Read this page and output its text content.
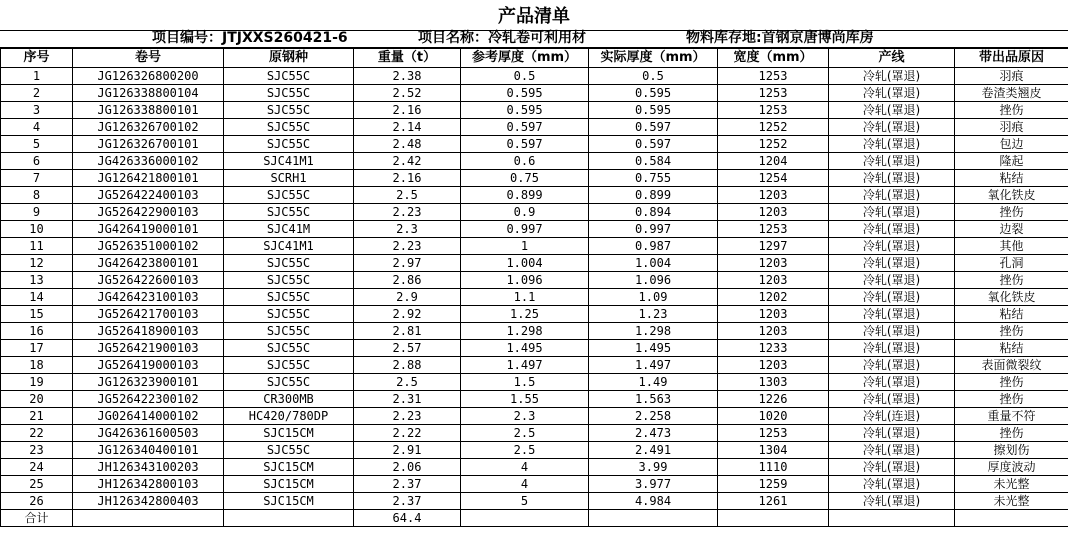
产品清单
项目编号：JTJXXS260421-6	项目名称：冷轧卷可利用材	物料库存地:首钢京唐博尚库房
序号	卷号	原钢种	重量（t）	参考厚度（mm）	实际厚度（mm）	宽度（mm）	产线	带出品原因
1	JG126326800200	SJC55C	2.38	0.5	0.5	1253	冷轧(罩退)	羽痕
2	JG126338800104	SJC55C	2.52	0.595	0.595	1253	冷轧(罩退)	卷渣类翘皮
3	JG126338800101	SJC55C	2.16	0.595	0.595	1253	冷轧(罩退)	挫伤
4	JG126326700102	SJC55C	2.14	0.597	0.597	1252	冷轧(罩退)	羽痕
5	JG126326700101	SJC55C	2.48	0.597	0.597	1252	冷轧(罩退)	包边
6	JG426336000102	SJC41M1	2.42	0.6	0.584	1204	冷轧(罩退)	隆起
7	JG126421800101	SCRH1	2.16	0.75	0.755	1254	冷轧(罩退)	粘结
8	JG526422400103	SJC55C	2.5	0.899	0.899	1203	冷轧(罩退)	氧化铁皮
9	JG526422900103	SJC55C	2.23	0.9	0.894	1203	冷轧(罩退)	挫伤
10	JG426419000101	SJC41M	2.3	0.997	0.997	1253	冷轧(罩退)	边裂
11	JG526351000102	SJC41M1	2.23	1	0.987	1297	冷轧(罩退)	其他
12	JG426423800101	SJC55C	2.97	1.004	1.004	1203	冷轧(罩退)	孔洞
13	JG526422600103	SJC55C	2.86	1.096	1.096	1203	冷轧(罩退)	挫伤
14	JG426423100103	SJC55C	2.9	1.1	1.09	1202	冷轧(罩退)	氧化铁皮
15	JG526421700103	SJC55C	2.92	1.25	1.23	1203	冷轧(罩退)	粘结
16	JG526418900103	SJC55C	2.81	1.298	1.298	1203	冷轧(罩退)	挫伤
17	JG526421900103	SJC55C	2.57	1.495	1.495	1233	冷轧(罩退)	粘结
18	JG526419000103	SJC55C	2.88	1.497	1.497	1203	冷轧(罩退)	表面微裂纹
19	JG126323900101	SJC55C	2.5	1.5	1.49	1303	冷轧(罩退)	挫伤
20	JG526422300102	CR300MB	2.31	1.55	1.563	1226	冷轧(罩退)	挫伤
21	JG026414000102	HC420/780DP	2.23	2.3	2.258	1020	冷轧(连退)	重量不符
22	JG426361600503	SJC15CM	2.22	2.5	2.473	1253	冷轧(罩退)	挫伤
23	JG126340400101	SJC55C	2.91	2.5	2.491	1304	冷轧(罩退)	擦划伤
24	JH126343100203	SJC15CM	2.06	4	3.99	1110	冷轧(罩退)	厚度波动
25	JH126342800103	SJC15CM	2.37	4	3.977	1259	冷轧(罩退)	未光整
26	JH126342800403	SJC15CM	2.37	5	4.984	1261	冷轧(罩退)	未光整
合计			64.4					
